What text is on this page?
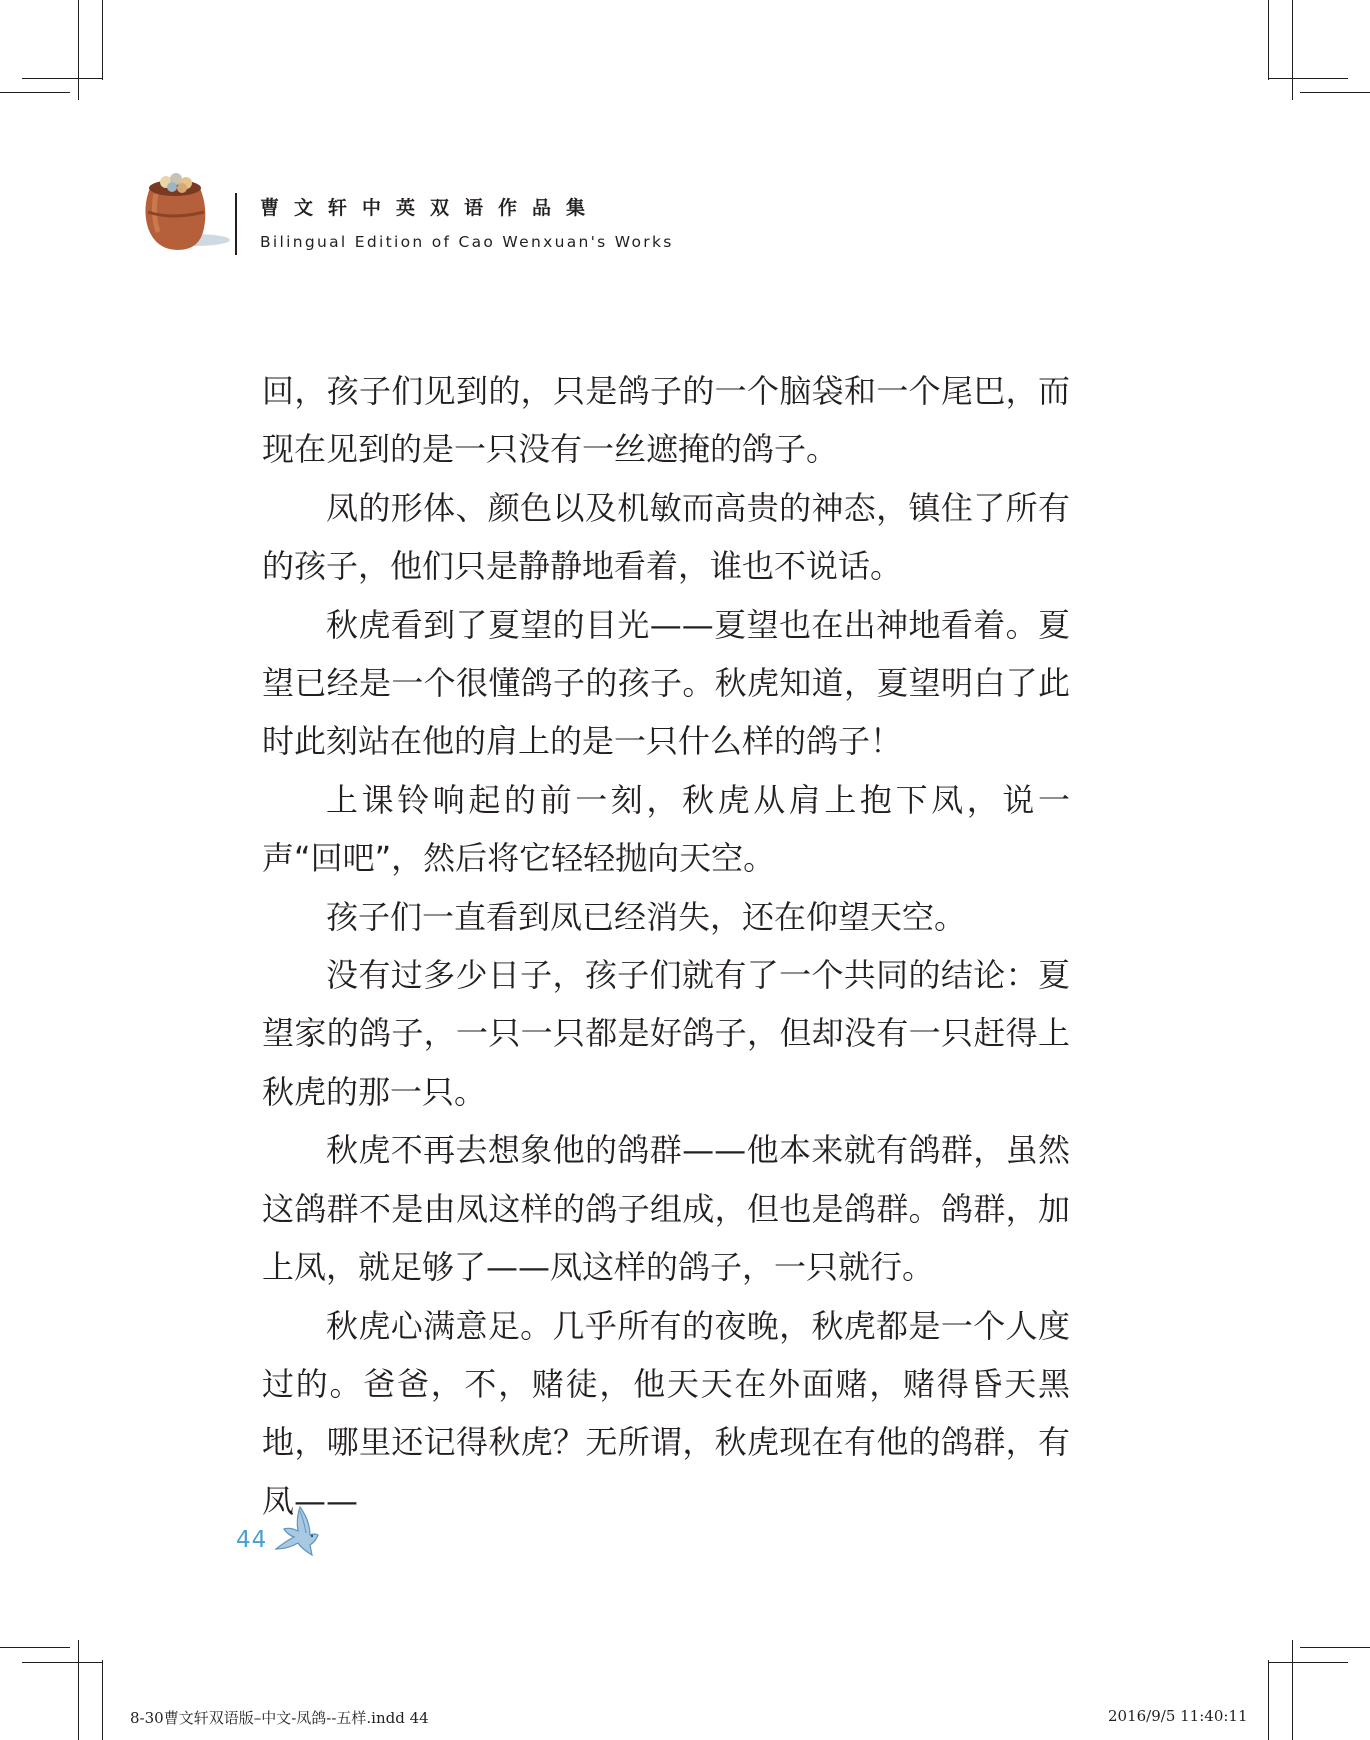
曹文轩中英双语作品集
Bilingual Edition of Cao Wenxuan's Works

回，孩子们见到的，只是鸽子的一个脑袋和一个尾巴，而现在见到的是一只没有一丝遮掩的鸽子。

凤的形体、颜色以及机敏而高贵的神态，镇住了所有的孩子，他们只是静静地看着，谁也不说话。

秋虎看到了夏望的目光——夏望也在出神地看着。夏望已经是一个很懂鸽子的孩子。秋虎知道，夏望明白了此时此刻站在他的肩上的是一只什么样的鸽子！

上课铃响起的前一刻，秋虎从肩上抱下凤，说一声“回吧”，然后将它轻轻抛向天空。

孩子们一直看到凤已经消失，还在仰望天空。

没有过多少日子，孩子们就有了一个共同的结论：夏望家的鸽子，一只一只都是好鸽子，但却没有一只赶得上秋虎的那一只。

秋虎不再去想象他的鸽群——他本来就有鸽群，虽然这鸽群不是由凤这样的鸽子组成，但也是鸽群。鸽群，加上凤，就足够了——凤这样的鸽子，一只就行。

秋虎心满意足。几乎所有的夜晚，秋虎都是一个人度过的。爸爸，不，赌徒，他天天在外面赌，赌得昏天黑地，哪里还记得秋虎？无所谓，秋虎现在有他的鸽群，有凤——

44
8-30曹文轩双语版–中文-凤鸽--五样.indd 44	2016/9/5 11:40:11
